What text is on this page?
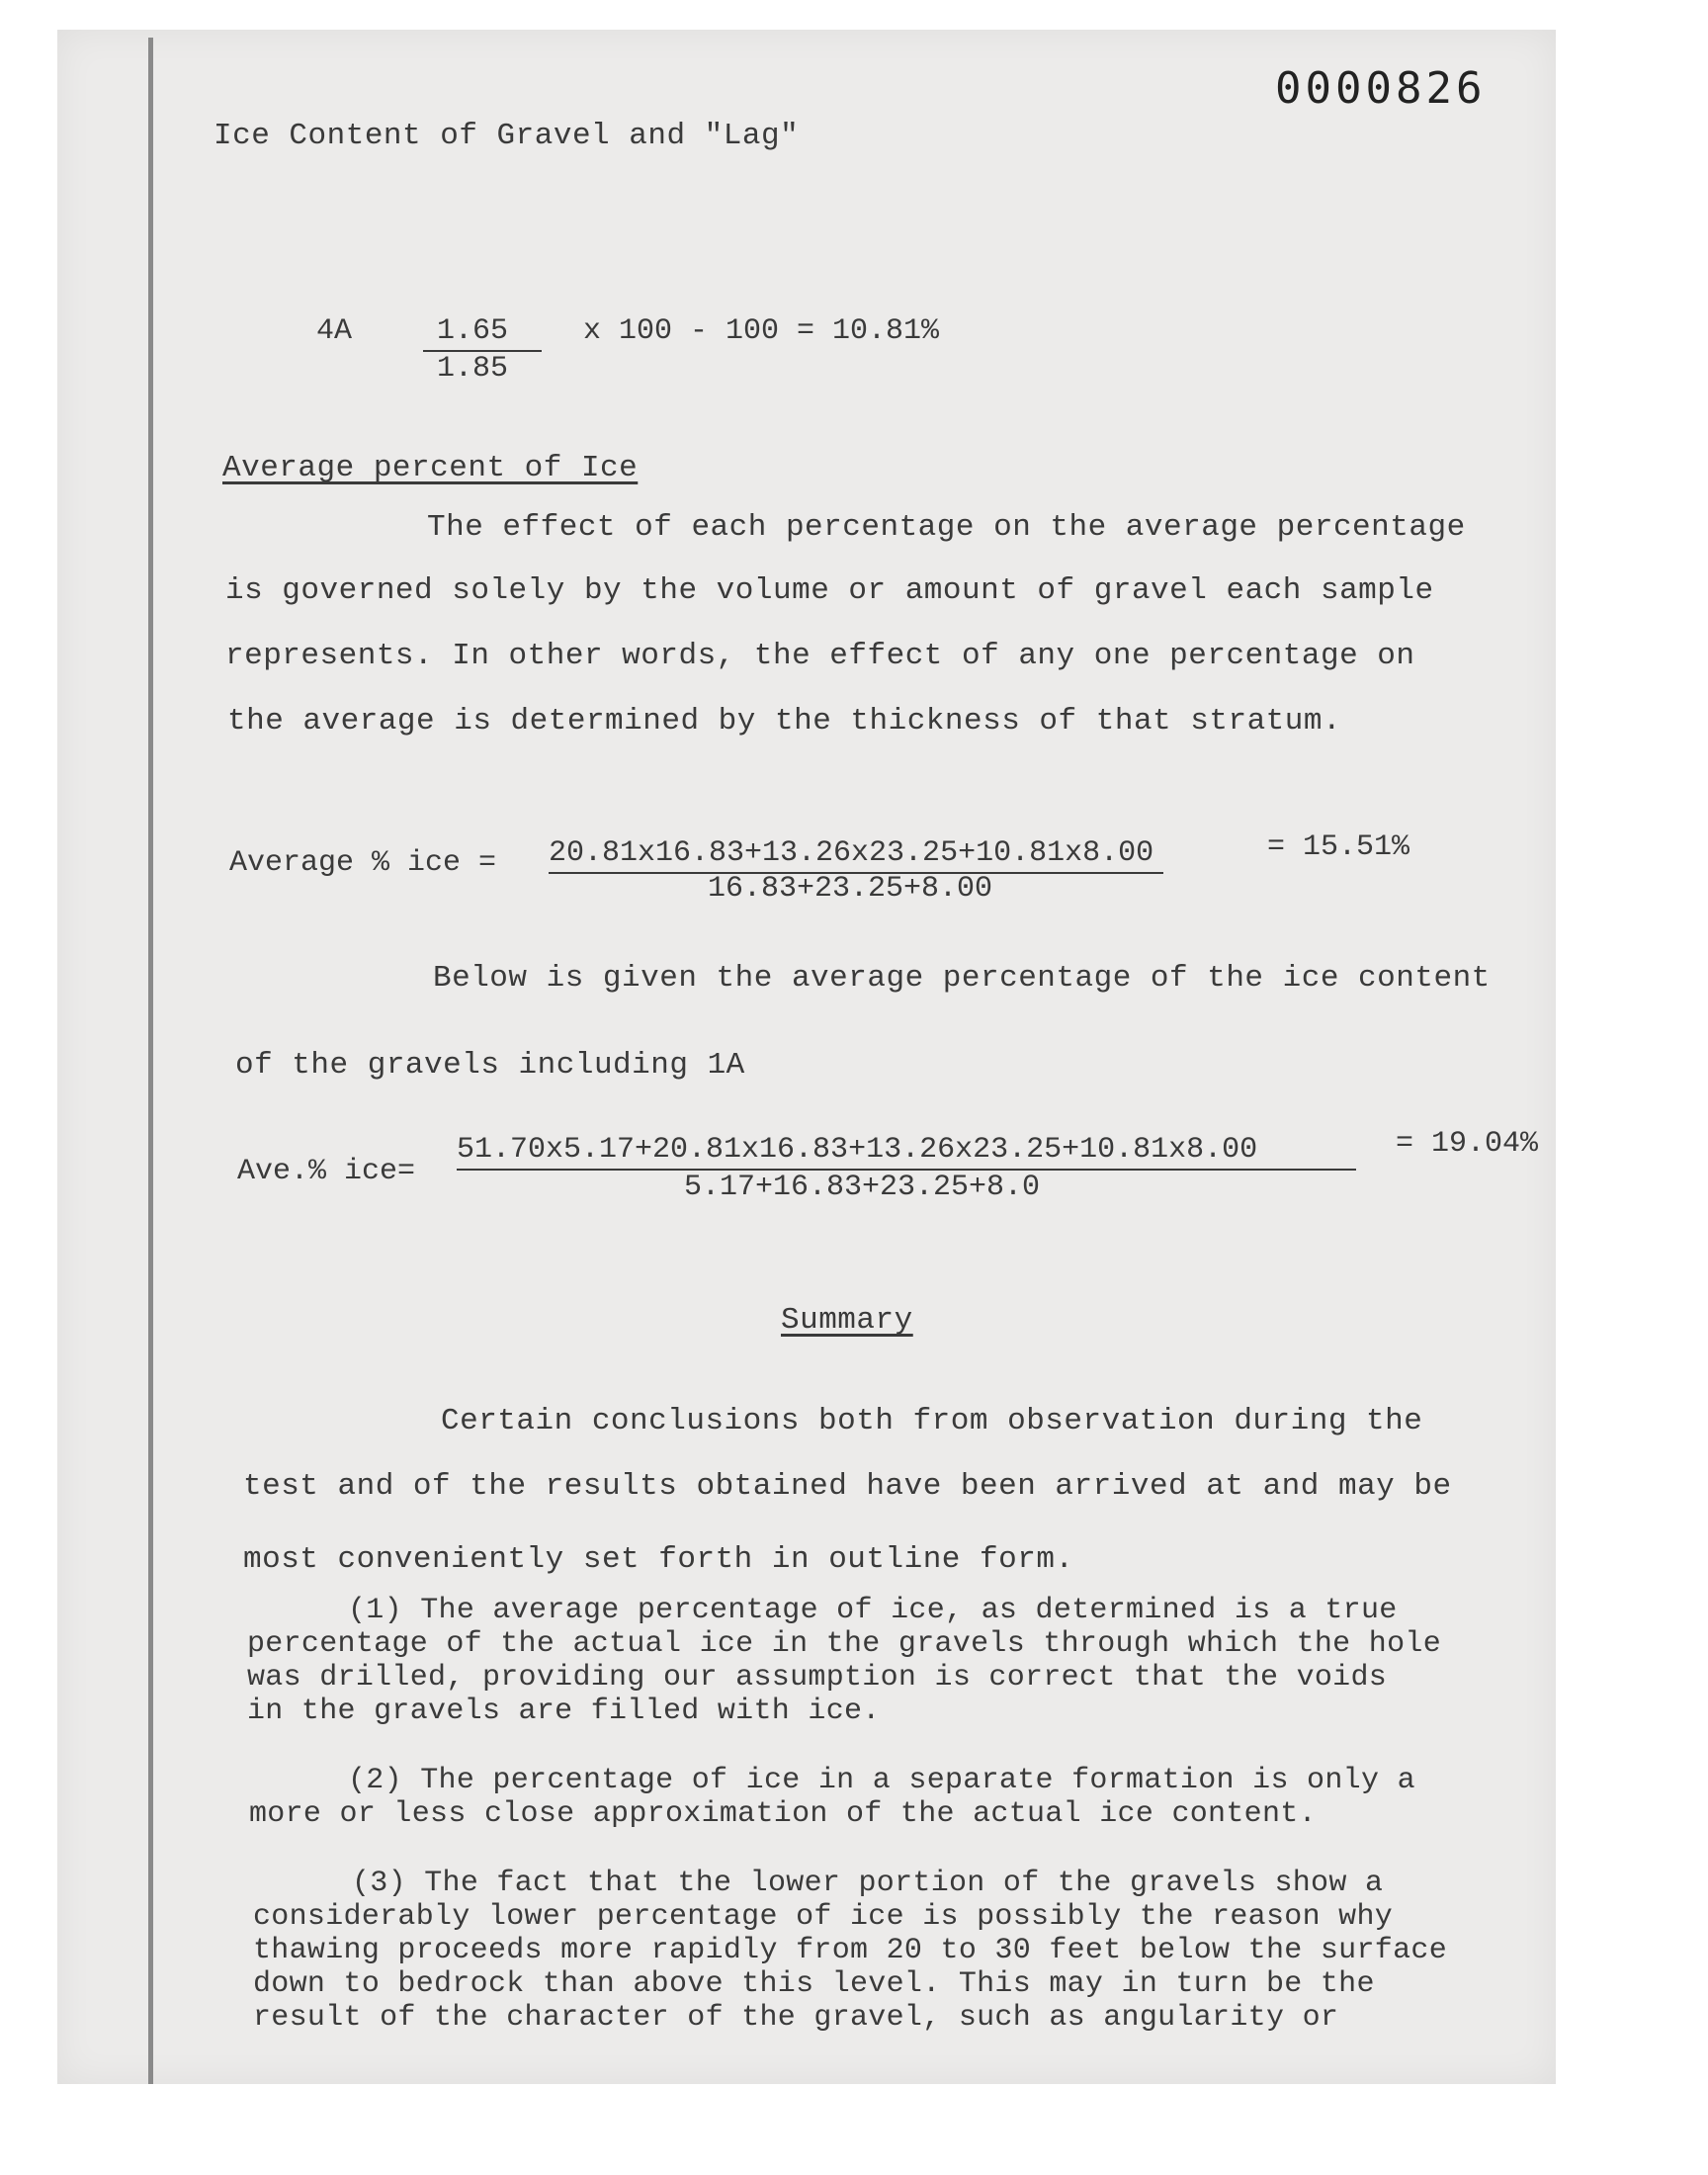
0000826
Ice Content of Gravel and "Lag"
4A	1.65
1.85
x 100 - 100 = 10.81%
Average percent of Ice
The effect of each percentage on the average percentage
is governed solely by the volume or amount of gravel each sample
represents. In other words, the effect of any one percentage on
the average is determined by the thickness of that stratum.
Average % ice = 20.81x16.83+13.26x23.25+10.81x8.00
16.83+23.25+8.00
= 15.51%
Below is given the average percentage of the ice content
of the gravels including 1A
Ave.% ice=
51.70x5.17+20.81x16.83+13.26x23.25+10.81x8.00
5.17+16.83+23.25+8.0
= 19.04%
Summary
Certain conclusions both from observation during the
test and of the results obtained have been arrived at and may be
most conveniently set forth in outline form.
(1) The average percentage of ice, as determined is a true
percentage of the actual ice in the gravels through which the hole
was drilled, providing our assumption is correct that the voids
in the gravels are filled with ice.
(2) The percentage of ice in a separate formation is only a
more or less close approximation of the actual ice content.
(3) The fact that the lower portion of the gravels show a
considerably lower percentage of ice is possibly the reason why
thawing proceeds more rapidly from 20 to 30 feet below the surface
down to bedrock than above this level. This may in turn be the
result of the character of the gravel, such as angularity or
